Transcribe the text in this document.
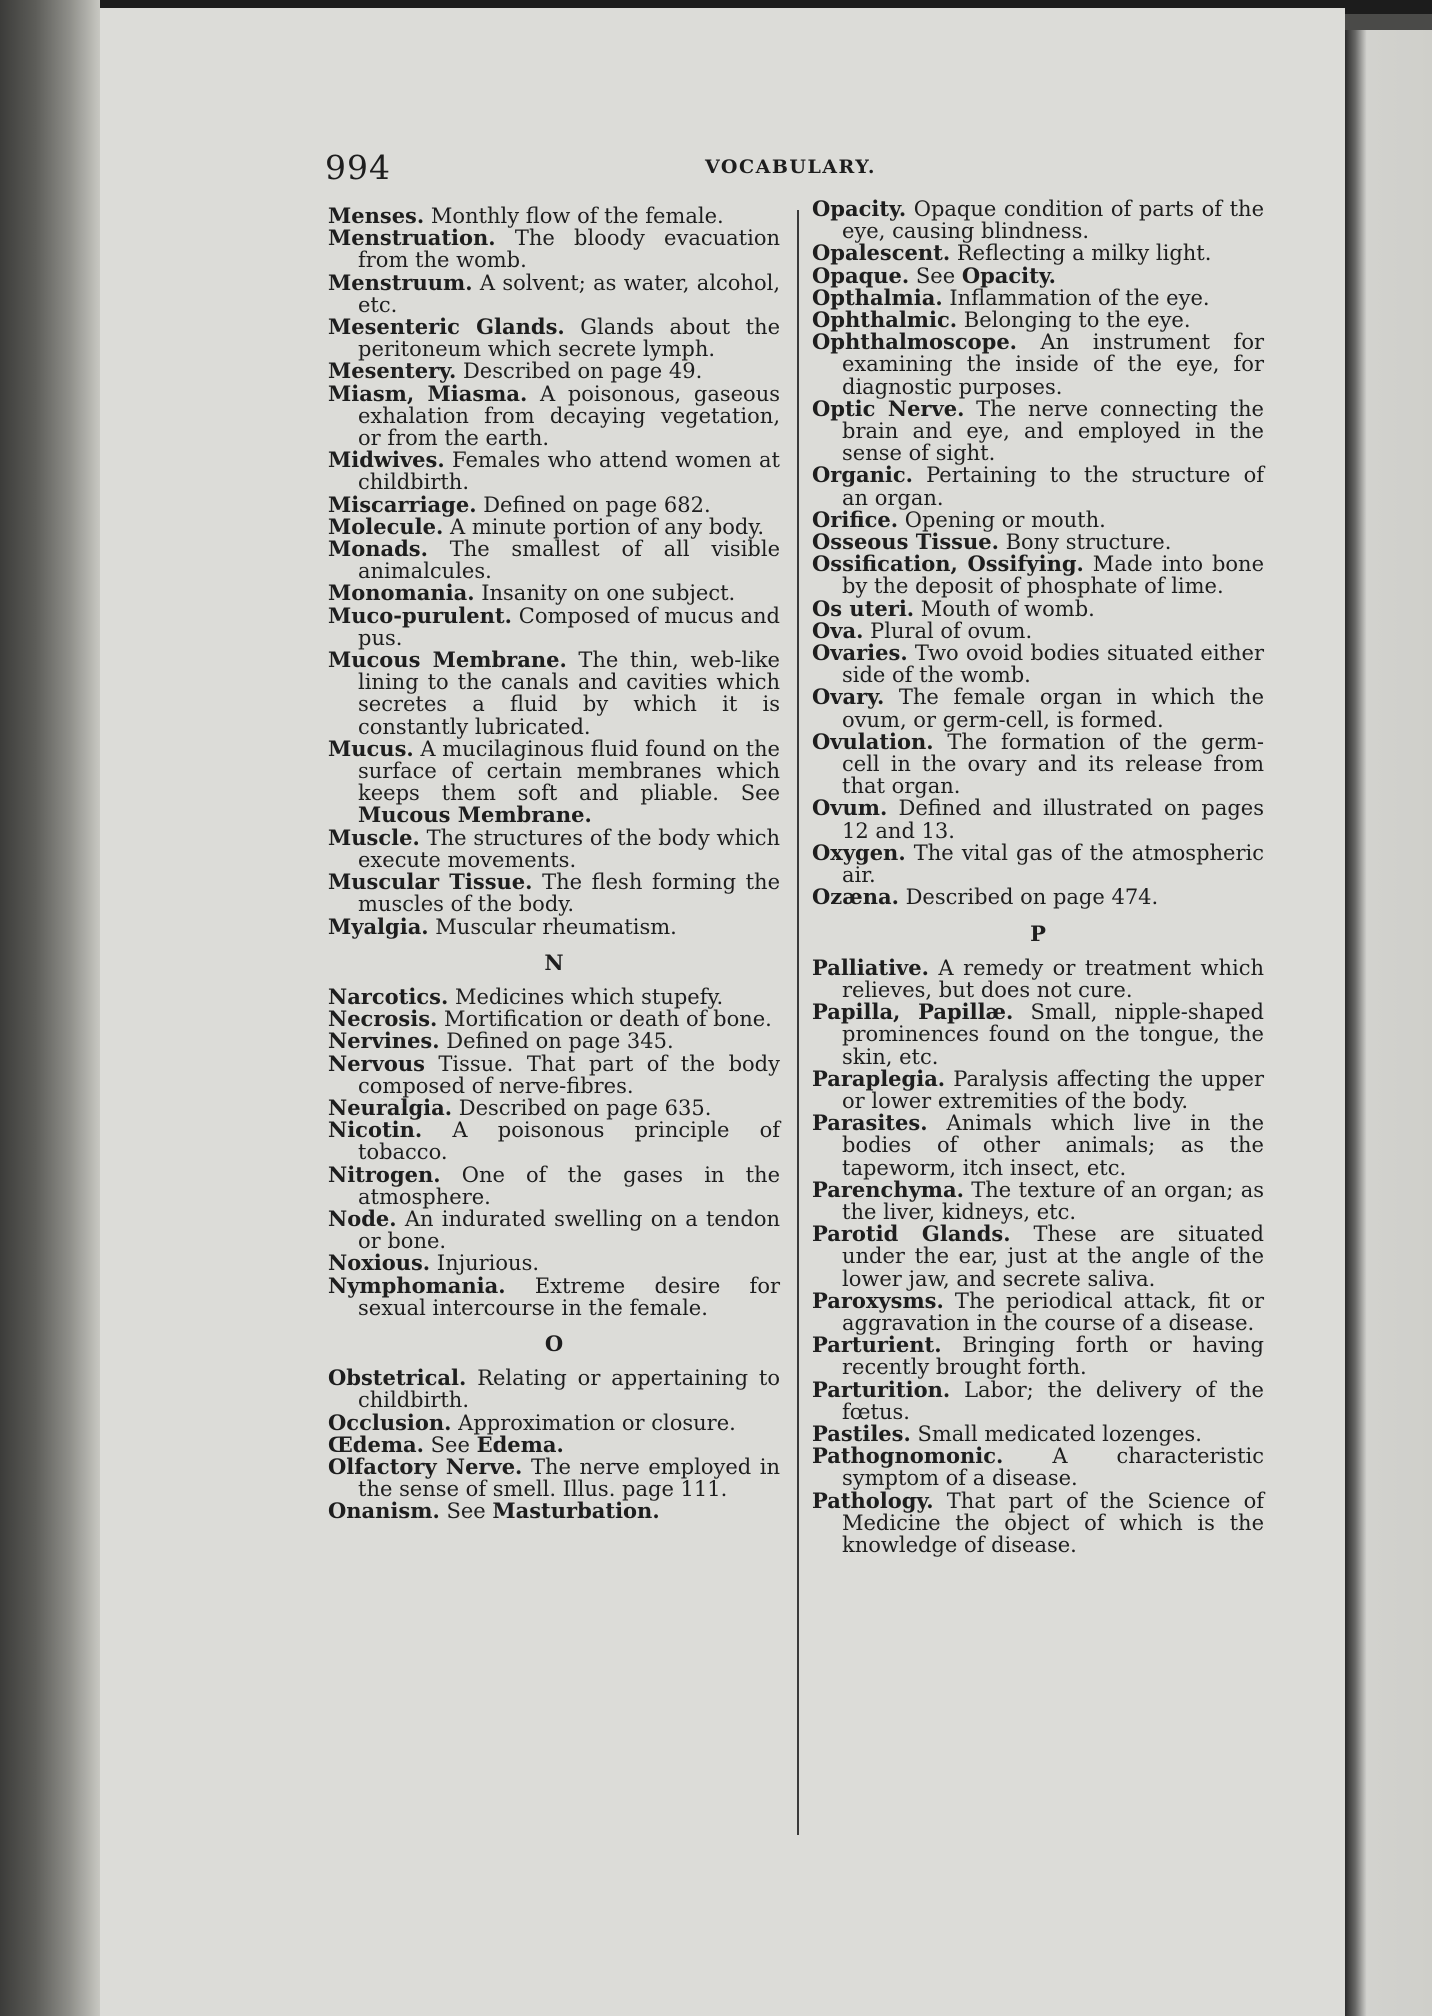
994	VOCABULARY.

Menses. Monthly flow of the female.

Menstruation. The bloody evacuation from the womb.

Menstruum. A solvent; as water, alcohol, etc.

Mesenteric Glands. Glands about the peritoneum which secrete lymph.

Mesentery. Described on page 49.

Miasm, Miasma. A poisonous, gaseous exhalation from decaying vegetation, or from the earth.

Midwives. Females who attend women at childbirth.

Miscarriage. Defined on page 682.

Molecule. A minute portion of any body.

Monads. The smallest of all visible animalcules.

Monomania. Insanity on one subject.

Muco-purulent. Composed of mucus and pus.

Mucous Membrane. The thin, web-like lining to the canals and cavities which secretes a fluid by which it is constantly lubricated.

Mucus. A mucilaginous fluid found on the surface of certain membranes which keeps them soft and pliable. See Mucous Membrane.

Muscle. The structures of the body which execute movements.

Muscular Tissue. The flesh forming the muscles of the body.

Myalgia. Muscular rheumatism.

N

Narcotics. Medicines which stupefy.

Necrosis. Mortification or death of bone.

Nervines. Defined on page 345.

Nervous Tissue. That part of the body composed of nerve-fibres.

Neuralgia. Described on page 635.

Nicotin. A poisonous principle of tobacco.

Nitrogen. One of the gases in the atmosphere.

Node. An indurated swelling on a tendon or bone.

Noxious. Injurious.

Nymphomania. Extreme desire for sexual intercourse in the female.

O

Obstetrical. Relating or appertaining to childbirth.

Occlusion. Approximation or closure.

Œdema. See Edema.

Olfactory Nerve. The nerve employed in the sense of smell. Illus. page 111.

Onanism. See Masturbation.

Opacity. Opaque condition of parts of the eye, causing blindness.

Opalescent. Reflecting a milky light.

Opaque. See Opacity.

Opthalmia. Inflammation of the eye.

Ophthalmic. Belonging to the eye.

Ophthalmoscope. An instrument for examining the inside of the eye, for diagnostic purposes.

Optic Nerve. The nerve connecting the brain and eye, and employed in the sense of sight.

Organic. Pertaining to the structure of an organ.

Orifice. Opening or mouth.

Osseous Tissue. Bony structure.

Ossification, Ossifying. Made into bone by the deposit of phosphate of lime.

Os uteri. Mouth of womb.

Ova. Plural of ovum.

Ovaries. Two ovoid bodies situated either side of the womb.

Ovary. The female organ in which the ovum, or germ-cell, is formed.

Ovulation. The formation of the germ-cell in the ovary and its release from that organ.

Ovum. Defined and illustrated on pages 12 and 13.

Oxygen. The vital gas of the atmospheric air.

Ozæna. Described on page 474.

P

Palliative. A remedy or treatment which relieves, but does not cure.

Papilla, Papillæ. Small, nipple-shaped prominences found on the tongue, the skin, etc.

Paraplegia. Paralysis affecting the upper or lower extremities of the body.

Parasites. Animals which live in the bodies of other animals; as the tapeworm, itch insect, etc.

Parenchyma. The texture of an organ; as the liver, kidneys, etc.

Parotid Glands. These are situated under the ear, just at the angle of the lower jaw, and secrete saliva.

Paroxysms. The periodical attack, fit or aggravation in the course of a disease.

Parturient. Bringing forth or having recently brought forth.

Parturition. Labor; the delivery of the fœtus.

Pastiles. Small medicated lozenges.

Pathognomonic. A characteristic symptom of a disease.

Pathology. That part of the Science of Medicine the object of which is the knowledge of disease.
